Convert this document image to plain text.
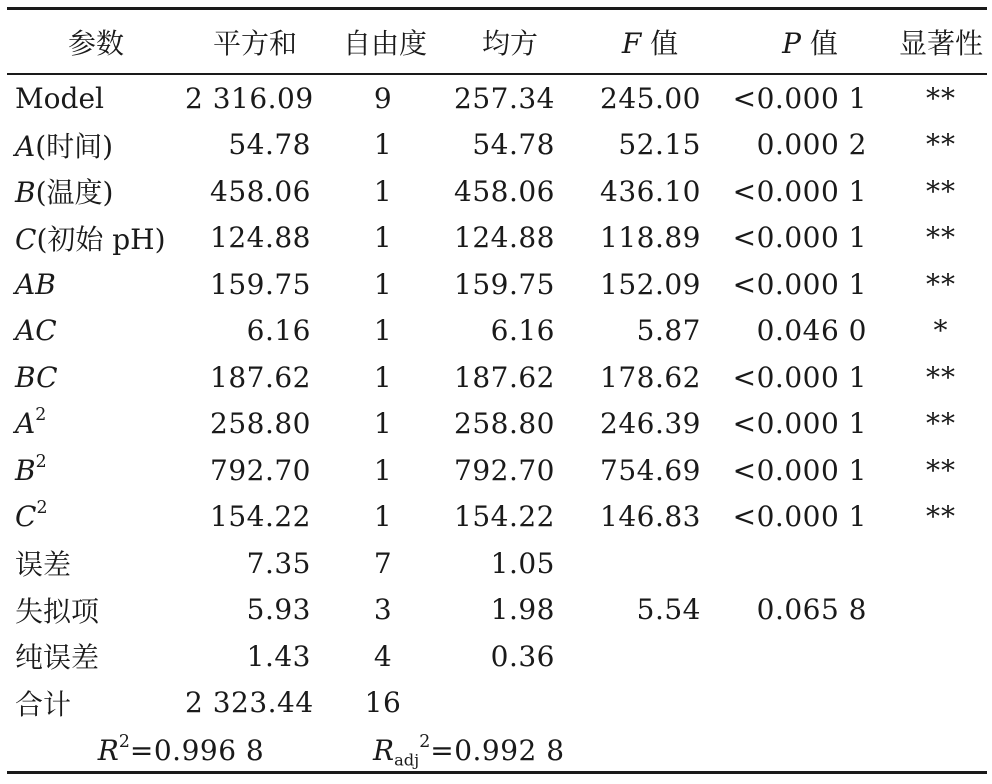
参数	平方和	自由度	均方	F 值	P 值	显著性
Model	2 316.09	9	257.34	245.00	<0.000 1	**
A(时间)	54.78	1	54.78	52.15	0.000 2	**
B(温度)	458.06	1	458.06	436.10	<0.000 1	**
C(初始 pH)	124.88	1	124.88	118.89	<0.000 1	**
AB	159.75	1	159.75	152.09	<0.000 1	**
AC	6.16	1	6.16	5.87	0.046 0	*
BC	187.62	1	187.62	178.62	<0.000 1	**
$A^2$	258.80	1	258.80	246.39	<0.000 1	**
$B^2$	792.70	1	792.70	754.69	<0.000 1	**
$C^2$	154.22	1	154.22	146.83	<0.000 1	**
误差	7.35	7	1.05			
失拟项	5.93	3	1.98	5.54	0.065 8	
纯误差	1.43	4	0.36			
合计	2 323.44	16				
$R^2=0.996$ 8		$R_{adj}^2=0.992$ 8				
